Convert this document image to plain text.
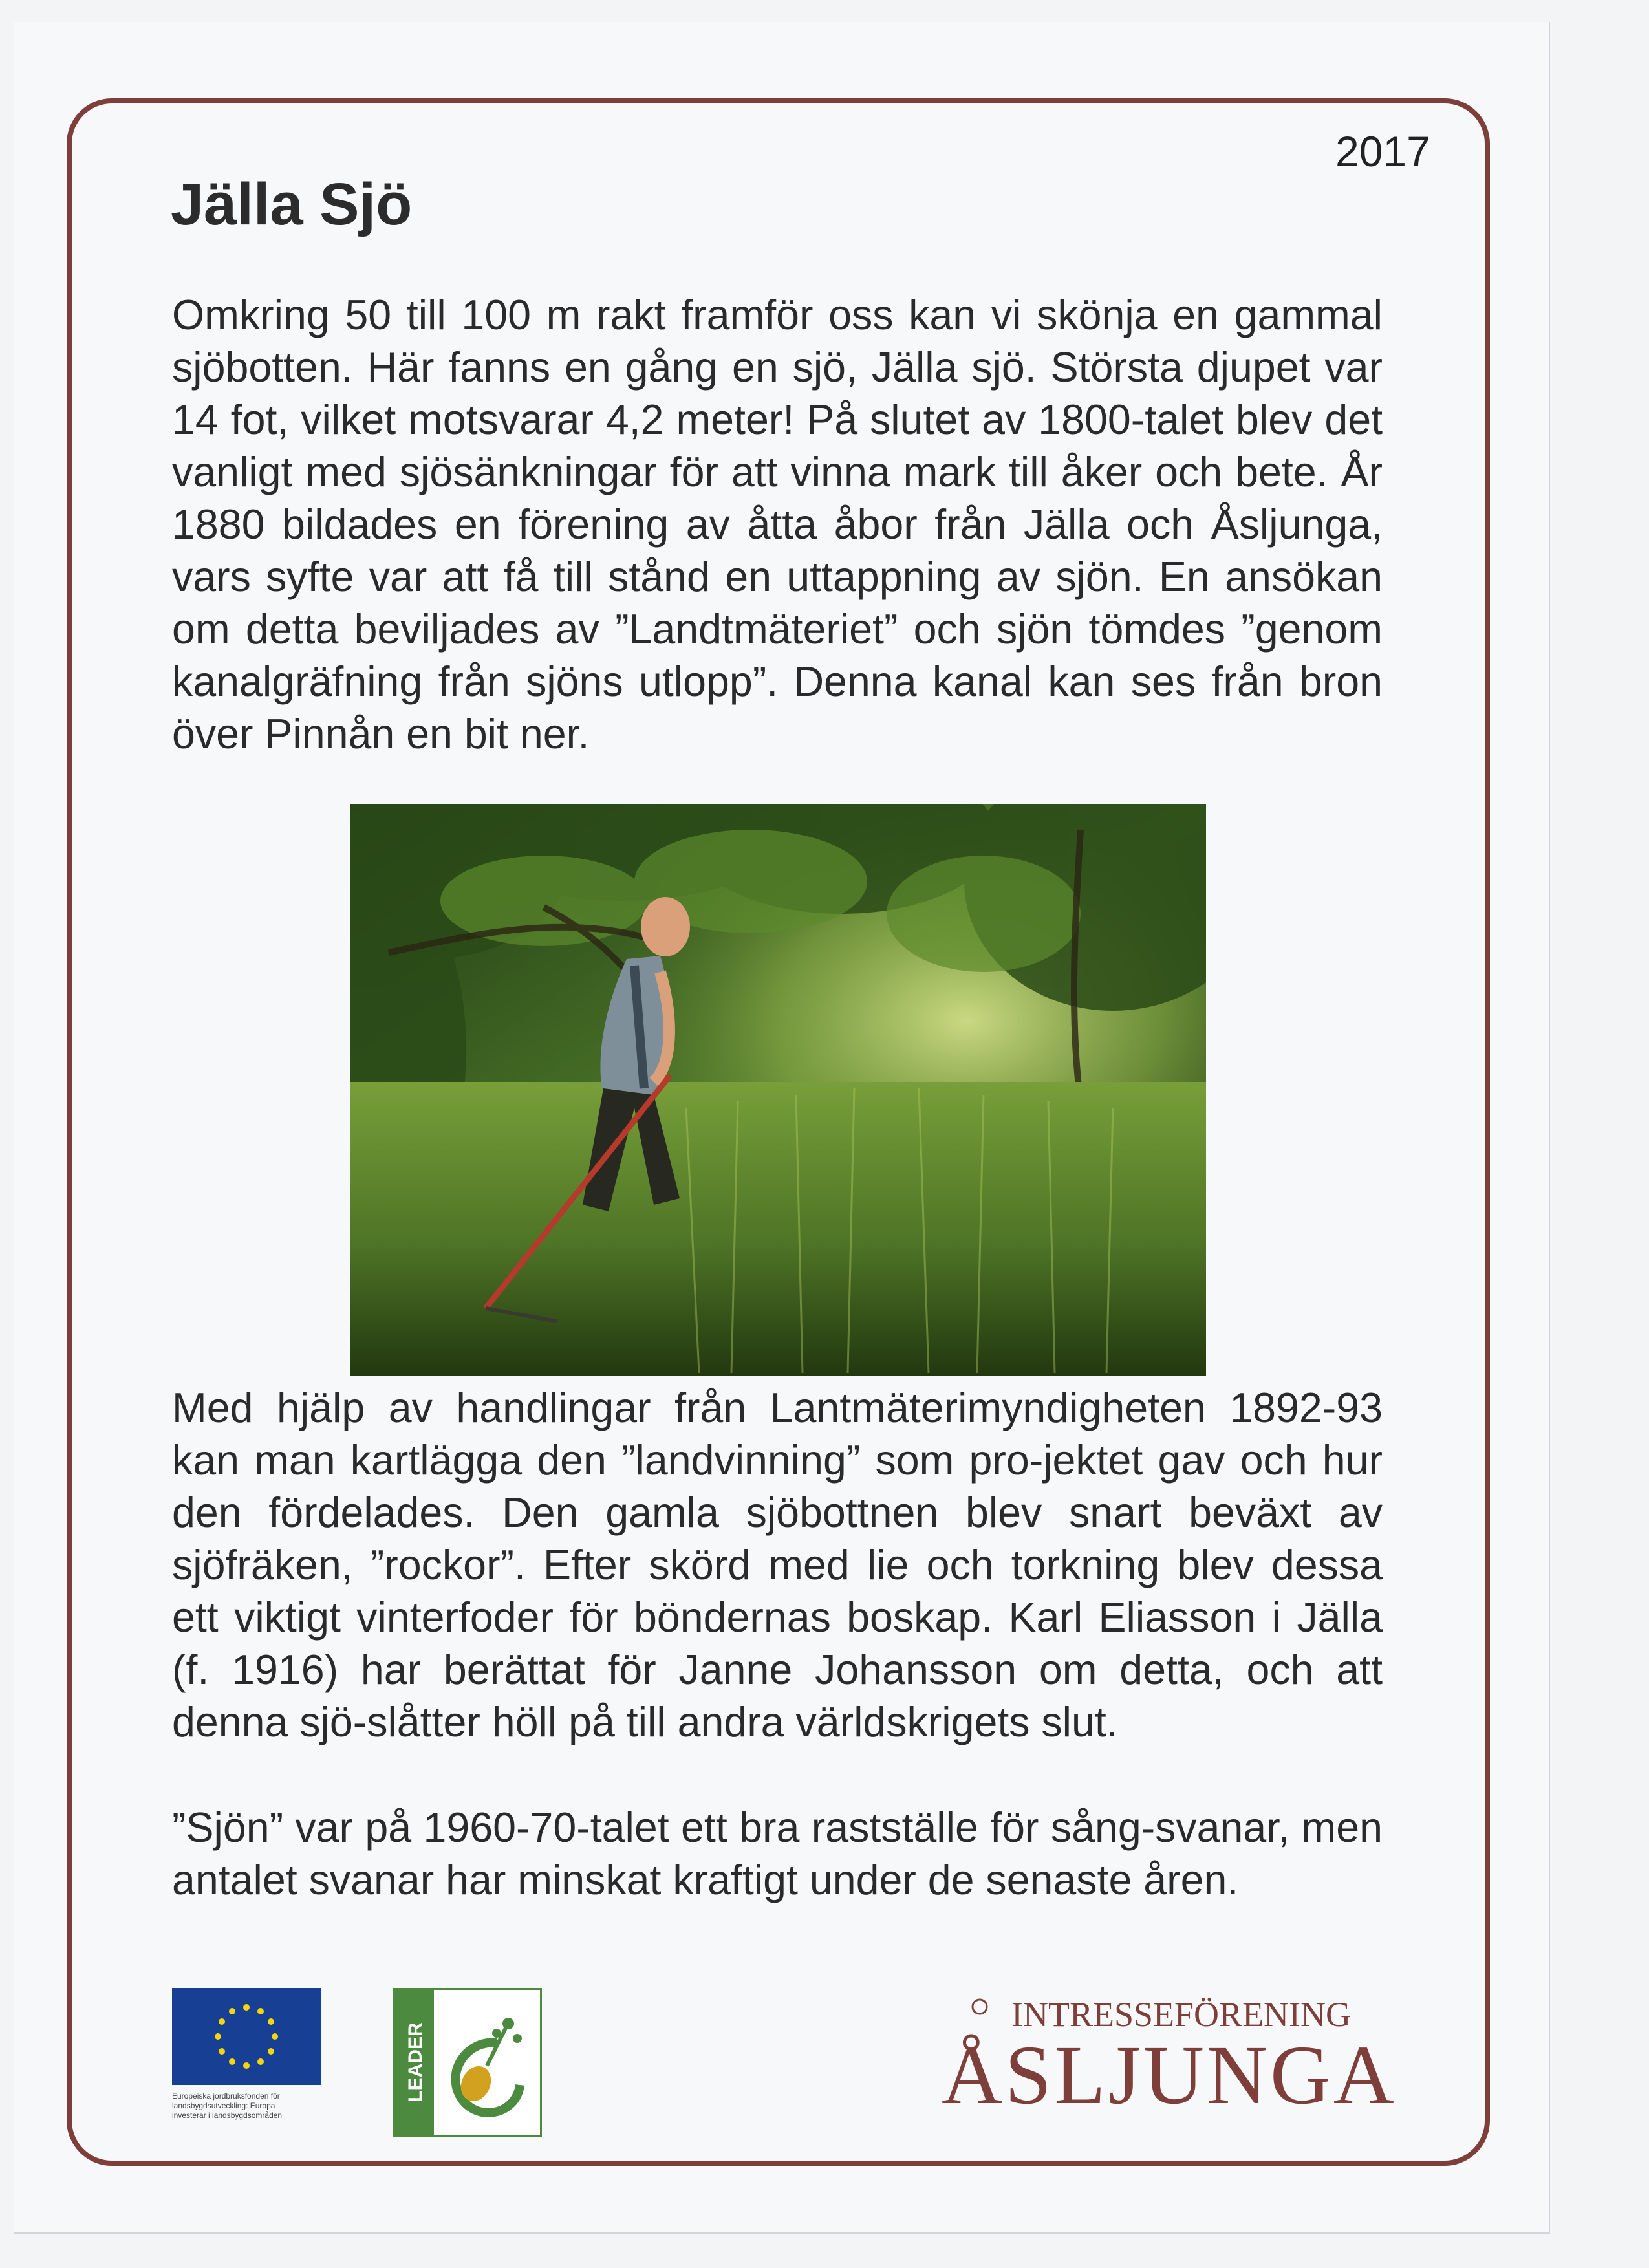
2017
Jälla Sjö

Omkring 50 till 100 m rakt framför oss kan vi skönja en gammal sjöbotten. Här fanns en gång en sjö, Jälla sjö. Största djupet var 14 fot, vilket motsvarar 4,2 meter! På slutet av 1800-talet blev det vanligt med sjösänkningar för att vinna mark till åker och bete. År 1880 bildades en förening av åtta åbor från Jälla och Åsljunga, vars syfte var att få till stånd en uttappning av sjön. En ansökan om detta beviljades av ”Landtmäteriet” och sjön tömdes ”genom kanalgräfning från sjöns utlopp”. Denna kanal kan ses från bron över Pinnån en bit ner.

Med hjälp av handlingar från Lantmäterimyndigheten 1892-93 kan man kartlägga den ”landvinning” som pro-jektet gav och hur den fördelades. Den gamla sjöbottnen blev snart beväxt av sjöfräken, ”rockor”. Efter skörd med lie och torkning blev dessa ett viktigt vinterfoder för böndernas boskap. Karl Eliasson i Jälla (f. 1916) har berättat för Janne Johansson om detta, och att denna sjö-slåtter höll på till andra världskrigets slut.

”Sjön” var på 1960-70-talet ett bra rastställe för sång-svanar, men antalet svanar har minskat kraftigt under de senaste åren.

Europeiska jordbruksfonden för
landsbygdsutveckling: Europa
investerar i landsbygdsområden

LEADER
INTRESSEFÖRENING
ÅSLJUNGA
